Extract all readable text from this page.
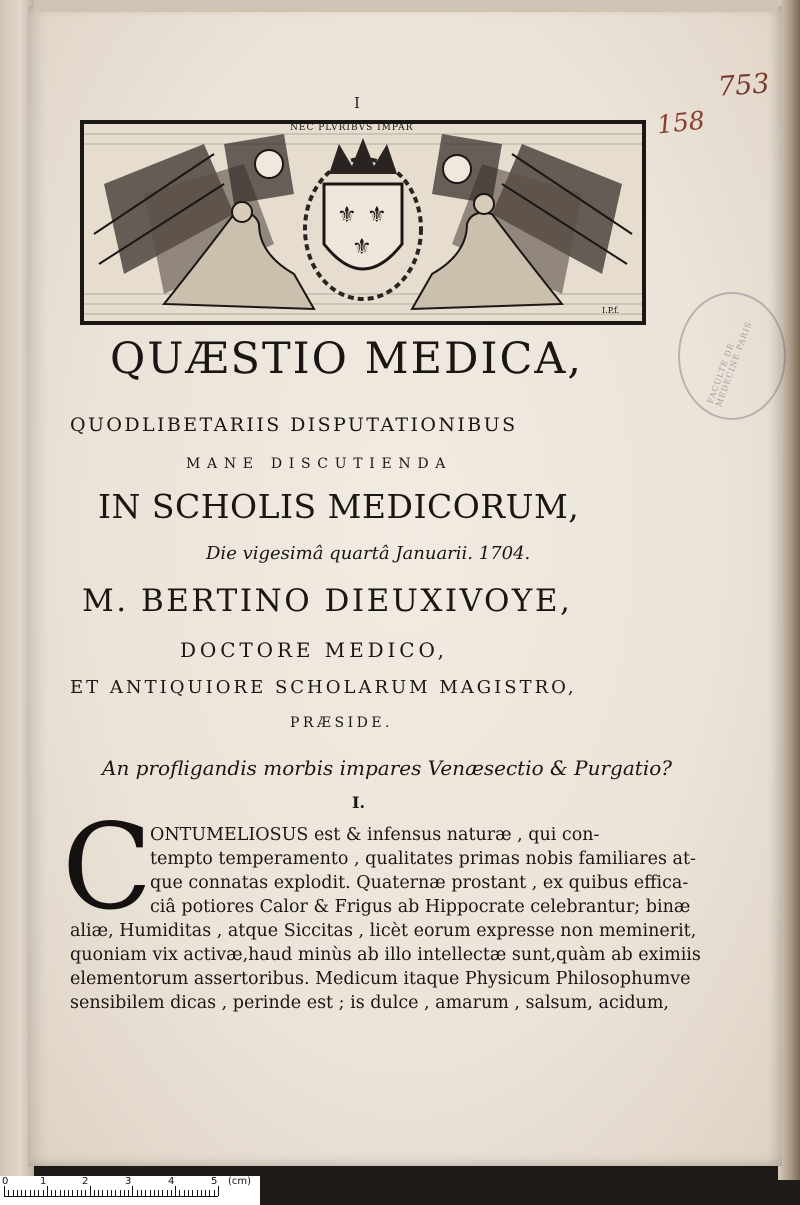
I
753
158
⚜ ⚜
⚜
NEC PLVRIBVS IMPAR
I.P.f.
FACULTE DE MEDECINE PARIS
QUÆSTIO MEDICA,
QUODLIBETARIIS DISPUTATIONIBUS
MANE DISCUTIENDA
IN SCHOLIS MEDICORUM,
Die vigesimâ quartâ Januarii. 1704.
M. BERTINO DIEUXIVOYE,
DOCTORE MEDICO,
ET ANTIQUIORE SCHOLARUM MAGISTRO,
PRÆSIDE.
An profligandis morbis impares Venæsectio & Purgatio?
I.
C
ONTUMELIOSUS est & infensus naturæ , qui con-
tempto temperamento , qualitates primas nobis familiares at-
que connatas explodit. Quaternæ prostant , ex quibus effica-
ciâ potiores Calor & Frigus ab Hippocrate celebrantur; binæ
aliæ, Humiditas , atque Siccitas , licèt eorum expresse non meminerit,
quoniam vix activæ,haud minùs ab illo intellectæ sunt,quàm ab eximiis
elementorum assertoribus. Medicum itaque Physicum Philosophumve
sensibilem dicas , perinde est ; is dulce , amarum , salsum, acidum,
0	1	2	3	4	5 (cm)
